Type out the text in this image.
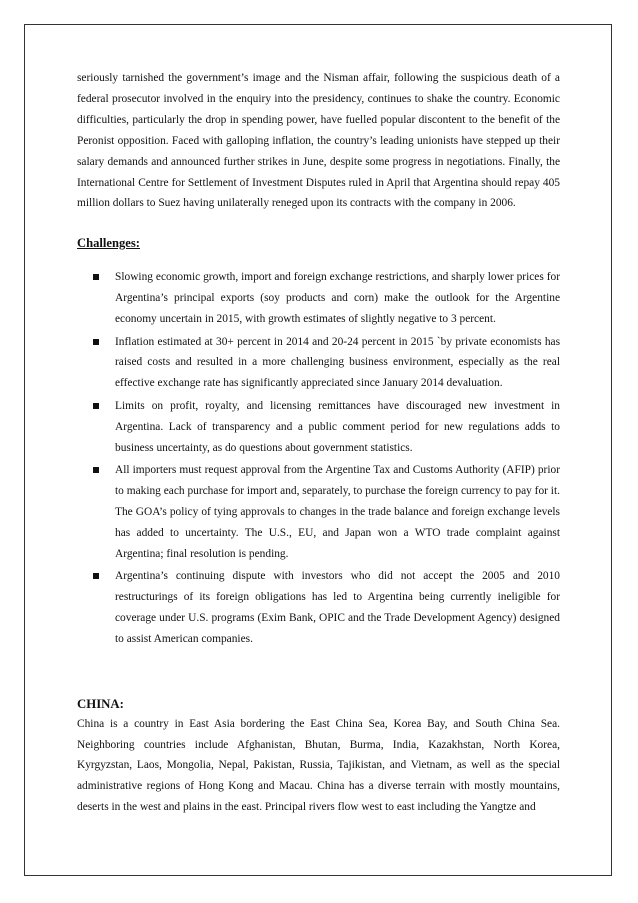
seriously tarnished the government’s image and the Nisman affair, following the suspicious death of a federal prosecutor involved in the enquiry into the presidency, continues to shake the country. Economic difficulties, particularly the drop in spending power, have fuelled popular discontent to the benefit of the Peronist opposition. Faced with galloping inflation, the country’s leading unionists have stepped up their salary demands and announced further strikes in June, despite some progress in negotiations. Finally, the International Centre for Settlement of Investment Disputes ruled in April that Argentina should repay 405 million dollars to Suez having unilaterally reneged upon its contracts with the company in 2006.

Challenges:
Slowing economic growth, import and foreign exchange restrictions, and sharply lower prices for Argentina’s principal exports (soy products and corn) make the outlook for the Argentine economy uncertain in 2015, with growth estimates of slightly negative to 3 percent.
Inflation estimated at 30+ percent in 2014 and 20-24 percent in 2015 `by private economists has raised costs and resulted in a more challenging business environment, especially as the real effective exchange rate has significantly appreciated since January 2014 devaluation.
Limits on profit, royalty, and licensing remittances have discouraged new investment in Argentina. Lack of transparency and a public comment period for new regulations adds to business uncertainty, as do questions about government statistics.
All importers must request approval from the Argentine Tax and Customs Authority (AFIP) prior to making each purchase for import and, separately, to purchase the foreign currency to pay for it. The GOA’s policy of tying approvals to changes in the trade balance and foreign exchange levels has added to uncertainty. The U.S., EU, and Japan won a WTO trade complaint against Argentina; final resolution is pending.
Argentina’s continuing dispute with investors who did not accept the 2005 and 2010 restructurings of its foreign obligations has led to Argentina being currently ineligible for coverage under U.S. programs (Exim Bank, OPIC and the Trade Development Agency) designed to assist American companies.
CHINA:

China is a country in East Asia bordering the East China Sea, Korea Bay, and South China Sea. Neighboring countries include Afghanistan, Bhutan, Burma, India, Kazakhstan, North Korea, Kyrgyzstan, Laos, Mongolia, Nepal, Pakistan, Russia, Tajikistan, and Vietnam, as well as the special administrative regions of Hong Kong and Macau. China has a diverse terrain with mostly mountains, deserts in the west and plains in the east. Principal rivers flow west to east including the Yangtze and
